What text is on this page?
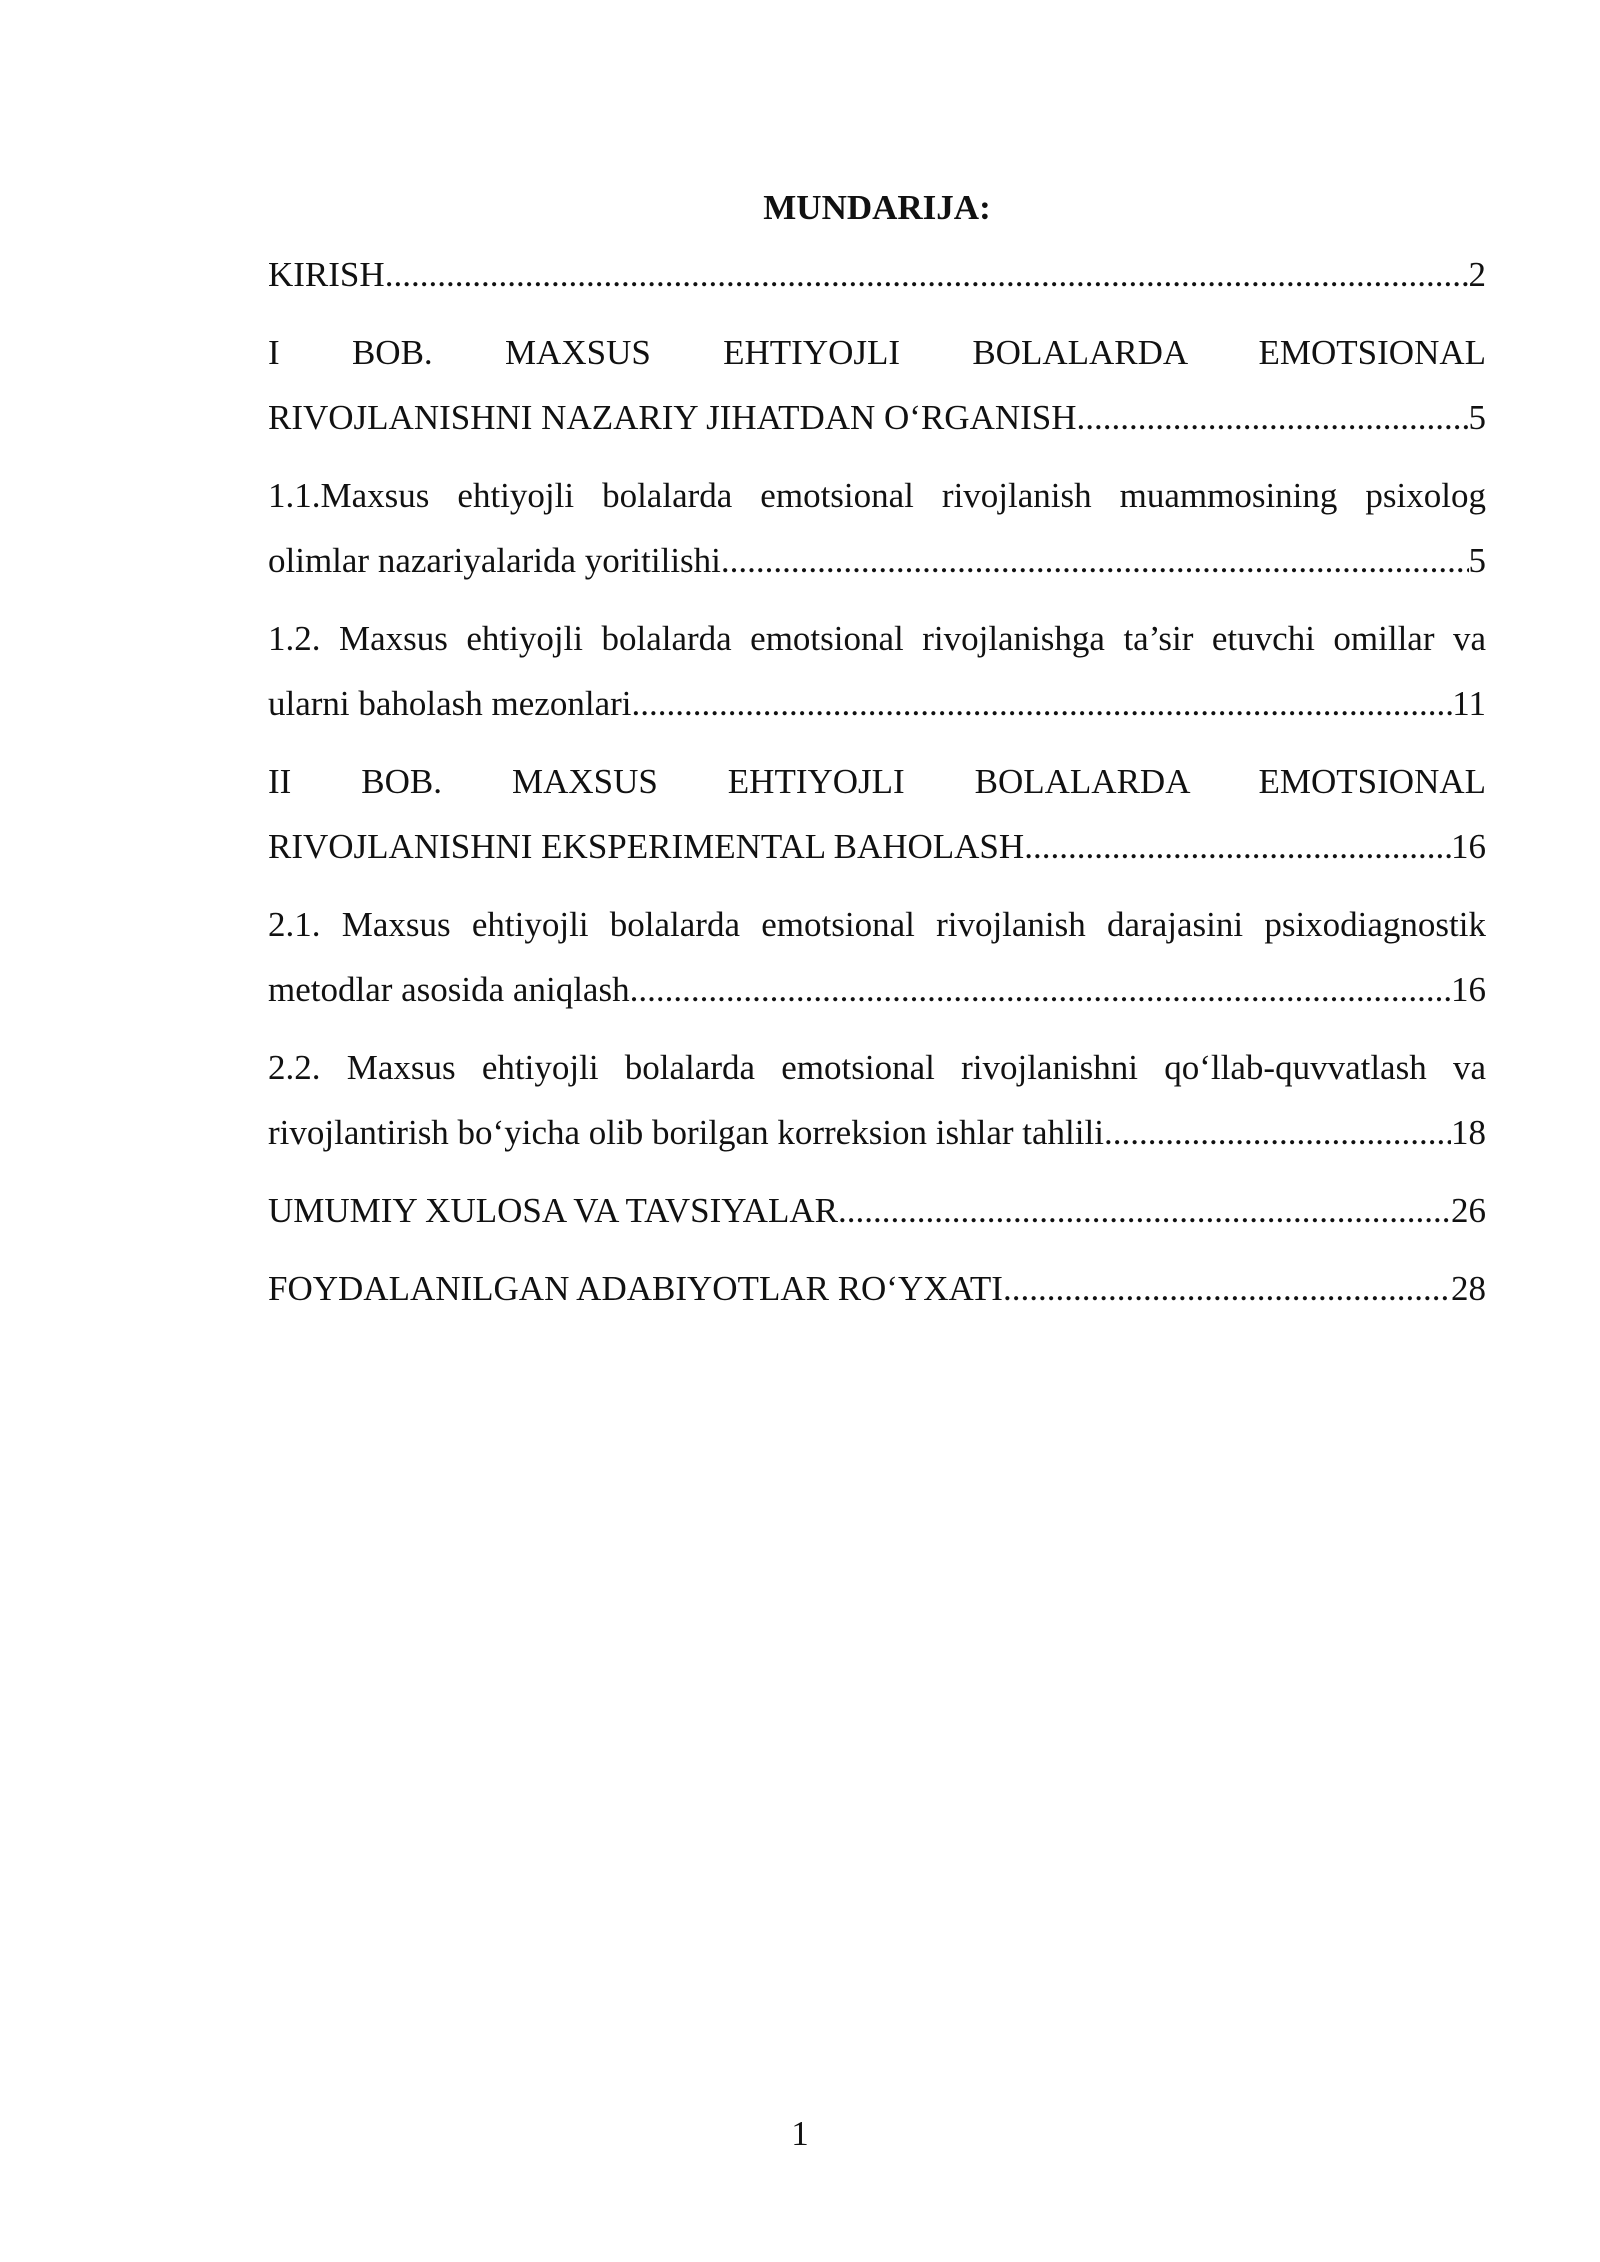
MUNDARIJA:
KIRISH .....	2
I BOB. MAXSUS EHTIYOJLI BOLALARDA EMOTSIONAL
RIVOJLANISHNI NAZARIY JIHATDAN O‘RGANISH .....	5
1.1.Maxsus ehtiyojli bolalarda emotsional rivojlanish muammosining psixolog
olimlar nazariyalarida yoritilishi .....	5
1.2. Maxsus ehtiyojli bolalarda emotsional rivojlanishga ta’sir etuvchi omillar va
ularni baholash mezonlari .....	11
II BOB. MAXSUS EHTIYOJLI BOLALARDA EMOTSIONAL
RIVOJLANISHNI EKSPERIMENTAL BAHOLASH .....	16
2.1. Maxsus ehtiyojli bolalarda emotsional rivojlanish darajasini psixodiagnostik
metodlar asosida aniqlash .....	16
2.2. Maxsus ehtiyojli bolalarda emotsional rivojlanishni qo‘llab-quvvatlash va
rivojlantirish bo‘yicha olib borilgan korreksion ishlar tahlili .....	18
UMUMIY XULOSA VA TAVSIYALAR .....	26
FOYDALANILGAN ADABIYOTLAR RO‘YXATI .....	28
1
